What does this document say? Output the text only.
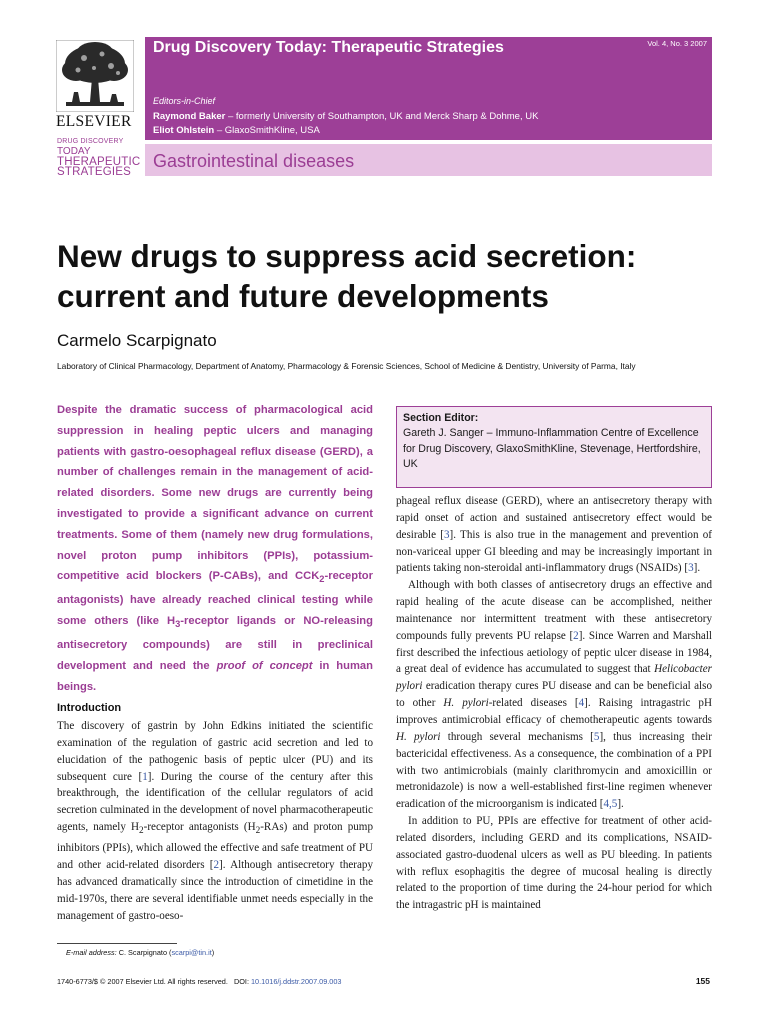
ELSEVIER
DRUG DISCOVERY
TODAY
THERAPEUTIC
STRATEGIES
Drug Discovery Today: Therapeutic Strategies	Vol. 4, No. 3 2007
Editors-in-Chief
Raymond Baker – formerly University of Southampton, UK and Merck Sharp & Dohme, UK
Eliot Ohlstein – GlaxoSmithKline, USA
Gastrointestinal diseases
New drugs to suppress acid secretion:
current and future developments
Carmelo Scarpignato
Laboratory of Clinical Pharmacology, Department of Anatomy, Pharmacology & Forensic Sciences, School of Medicine & Dentistry, University of Parma, Italy

Despite the dramatic success of pharmacological acid suppression in healing peptic ulcers and managing patients with gastro-oesophageal reflux disease (GERD), a number of challenges remain in the management of acid-related disorders. Some new drugs are currently being investigated to provide a significant advance on current treatments. Some of them (namely new drug formulations, novel proton pump inhibitors (PPIs), potassium-competitive acid blockers (P-CABs), and $CCK_2$-receptor antagonists) have already reached clinical testing while some others (like $H_3$-receptor ligands or NO-releasing antisecretory compounds) are still in preclinical development and need the proof of concept in human beings.

Section Editor:
Gareth J. Sanger – Immuno-Inflammation Centre of Excellence for Drug Discovery, GlaxoSmithKline, Stevenage, Hertfordshire, UK
Introduction

The discovery of gastrin by John Edkins initiated the scientific examination of the regulation of gastric acid secretion and led to elucidation of the pathogenic basis of peptic ulcer (PU) and its subsequent cure [1]. During the course of the century after this breakthrough, the identification of the cellular regulators of acid secretion culminated in the development of novel pharmacotherapeutic agents, namely $H_2$-receptor antagonists $(H_2-RAs)$ and proton pump inhibitors (PPIs), which allowed the effective and safe treatment of PU and other acid-related disorders [2]. Although antisecretory therapy has advanced dramatically since the introduction of cimetidine in the mid-1970s, there are several identifiable unmet needs especially in the management of gastro-oeso-

phageal reflux disease (GERD), where an antisecretory therapy with rapid onset of action and sustained antisecretory effect would be desirable [3]. This is also true in the management and prevention of non-variceal upper GI bleeding and may be increasingly important in patients taking non-steroidal anti-inflammatory drugs (NSAIDs) [3].

Although with both classes of antisecretory drugs an effective and rapid healing of the acute disease can be accomplished, neither maintenance nor intermittent treatment with these antisecretory compounds fully prevents PU relapse [2]. Since Warren and Marshall first described the infectious aetiology of peptic ulcer disease in 1984, a great deal of evidence has accumulated to suggest that Helicobacter pylori eradication therapy cures PU disease and can be beneficial also to other H. pylori-related diseases [4]. Raising intragastric pH improves antimicrobial efficacy of chemotherapeutic agents towards H. pylori through several mechanisms [5], thus increasing their bactericidal effectiveness. As a consequence, the combination of a PPI with two antimicrobials (mainly clarithromycin and amoxicillin or metronidazole) is now a well-established first-line regimen whenever eradication of the microorganism is indicated [4,5].

In addition to PU, PPIs are effective for treatment of other acid-related disorders, including GERD and its complications, NSAID-associated gastro-duodenal ulcers as well as PU bleeding. In patients with reflux esophagitis the degree of mucosal healing is directly related to the proportion of time during the 24-hour period for which the intragastric pH is maintained

E-mail address: C. Scarpignato (scarpi@tin.it)
1740-6773/$ © 2007 Elsevier Ltd. All rights reserved. DOI: 10.1016/j.ddstr.2007.09.003	155
